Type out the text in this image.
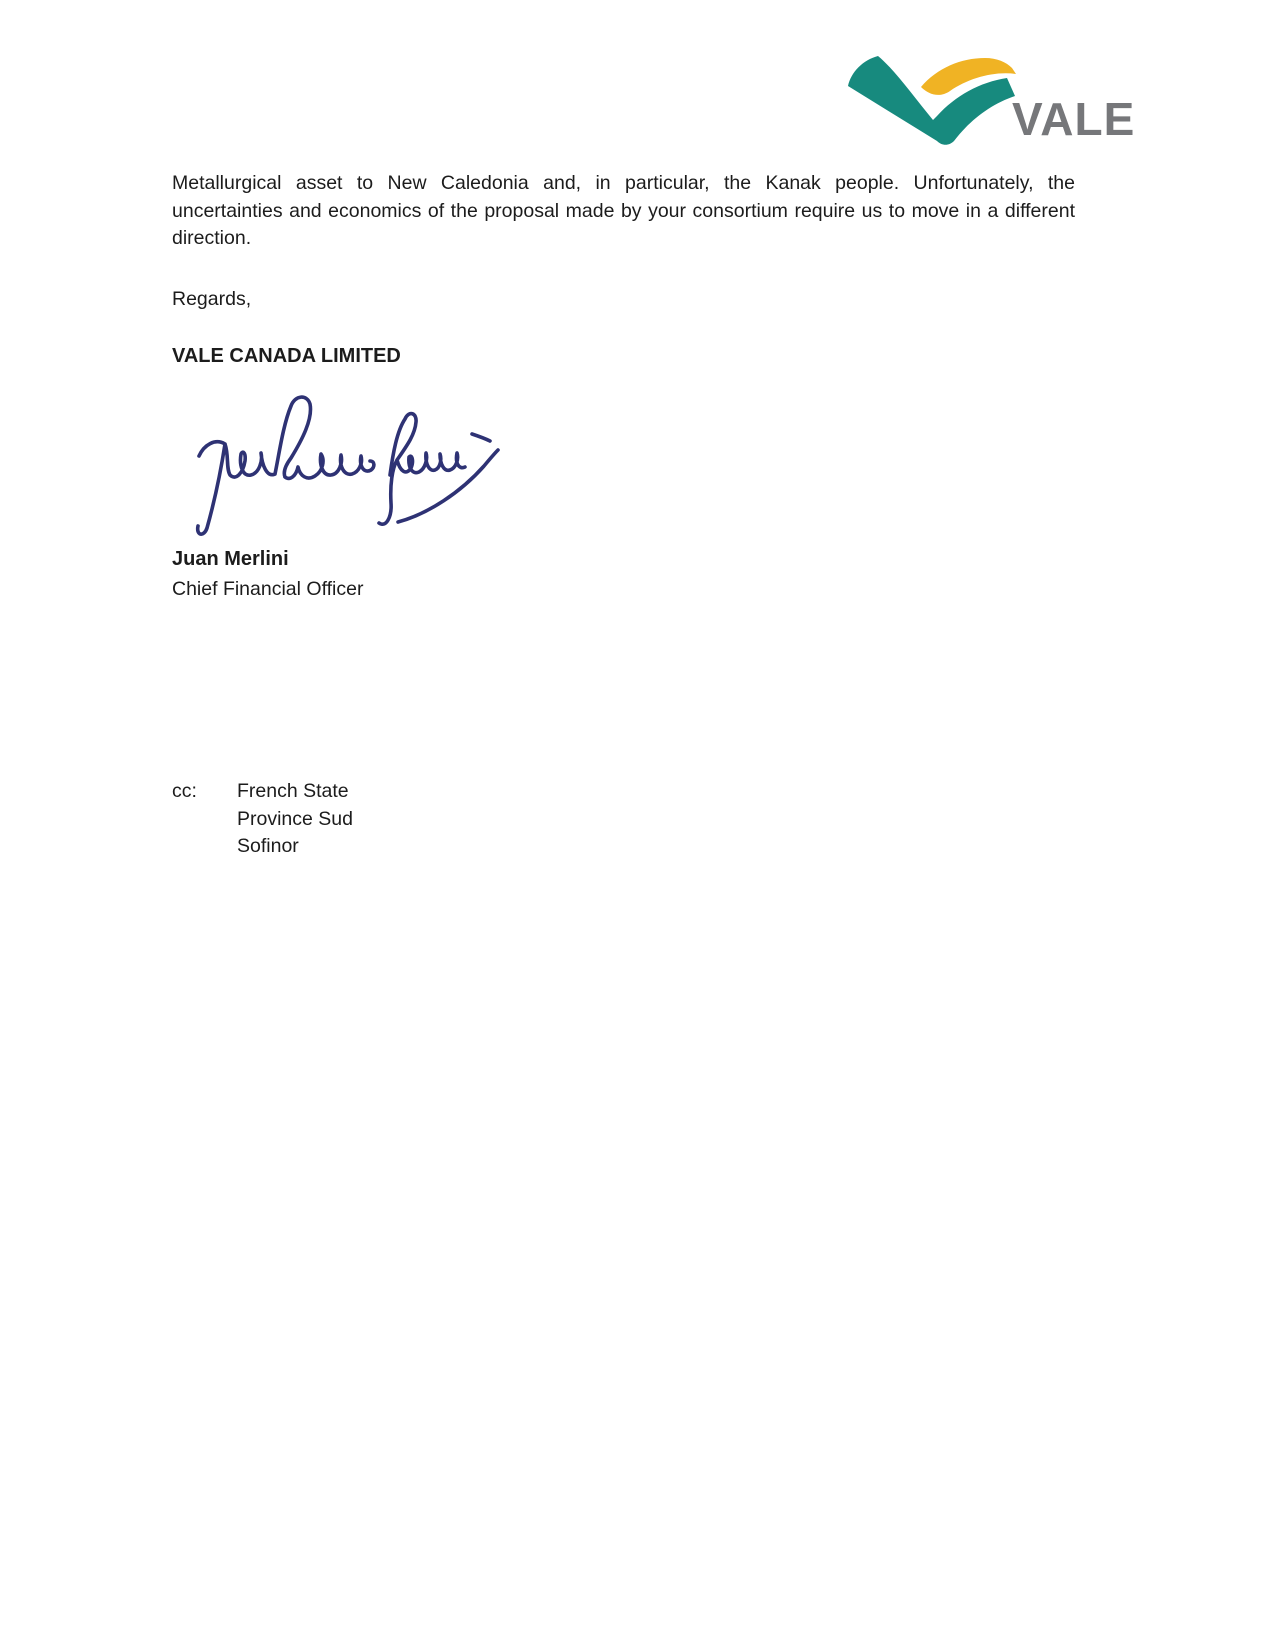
VALE
Metallurgical asset to New Caledonia and, in particular, the Kanak people. Unfortunately, the uncertainties and economics of the proposal made by your consortium require us to move in a different direction.
Regards,
VALE CANADA LIMITED
Juan Merlini
Chief Financial Officer
cc:	French State
Province Sud
Sofinor
